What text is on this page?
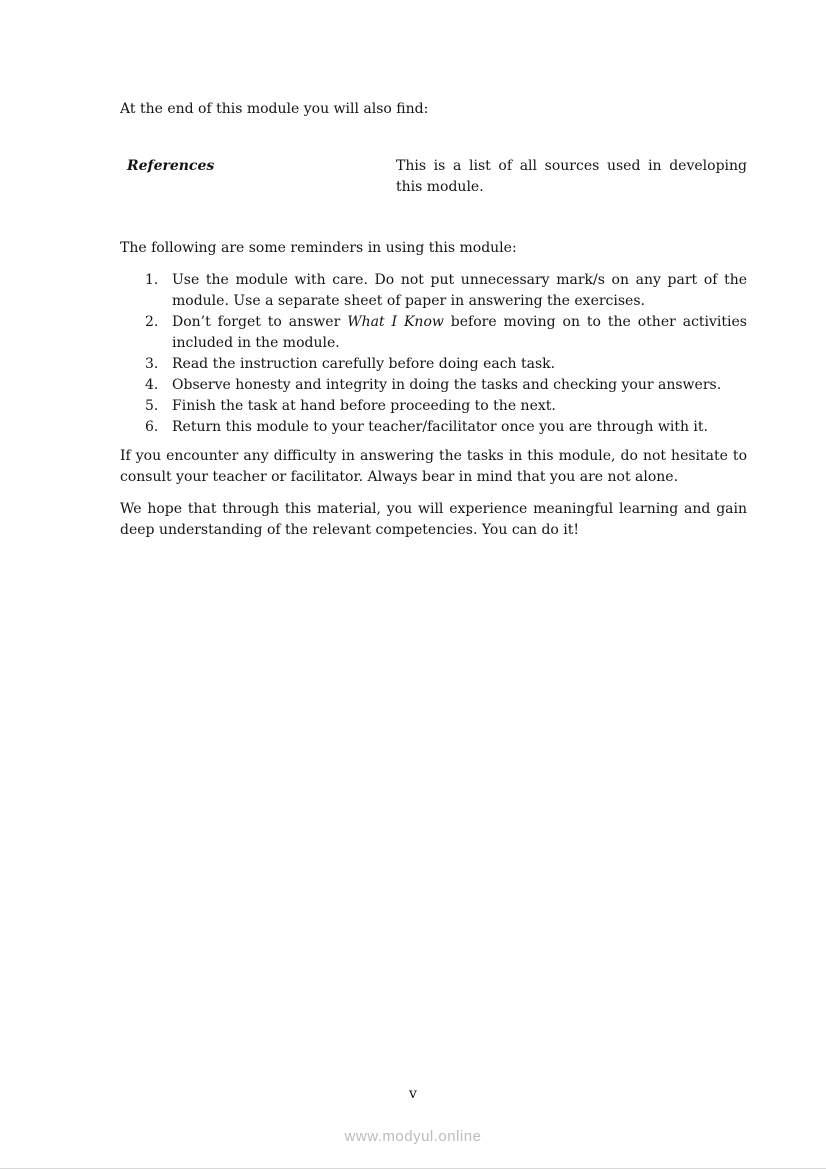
At the end of this module you will also find:

References	This is a list of all sources used in developing this module.

The following are some reminders in using this module:

1. Use the module with care. Do not put unnecessary mark/s on any part of the module. Use a separate sheet of paper in answering the exercises.
2. Don’t forget to answer What I Know before moving on to the other activities included in the module.
3. Read the instruction carefully before doing each task.
4. Observe honesty and integrity in doing the tasks and checking your answers.
5. Finish the task at hand before proceeding to the next.
6. Return this module to your teacher/facilitator once you are through with it.

If you encounter any difficulty in answering the tasks in this module, do not hesitate to consult your teacher or facilitator. Always bear in mind that you are not alone.

We hope that through this material, you will experience meaningful learning and gain deep understanding of the relevant competencies. You can do it!

v
www.modyul.online
